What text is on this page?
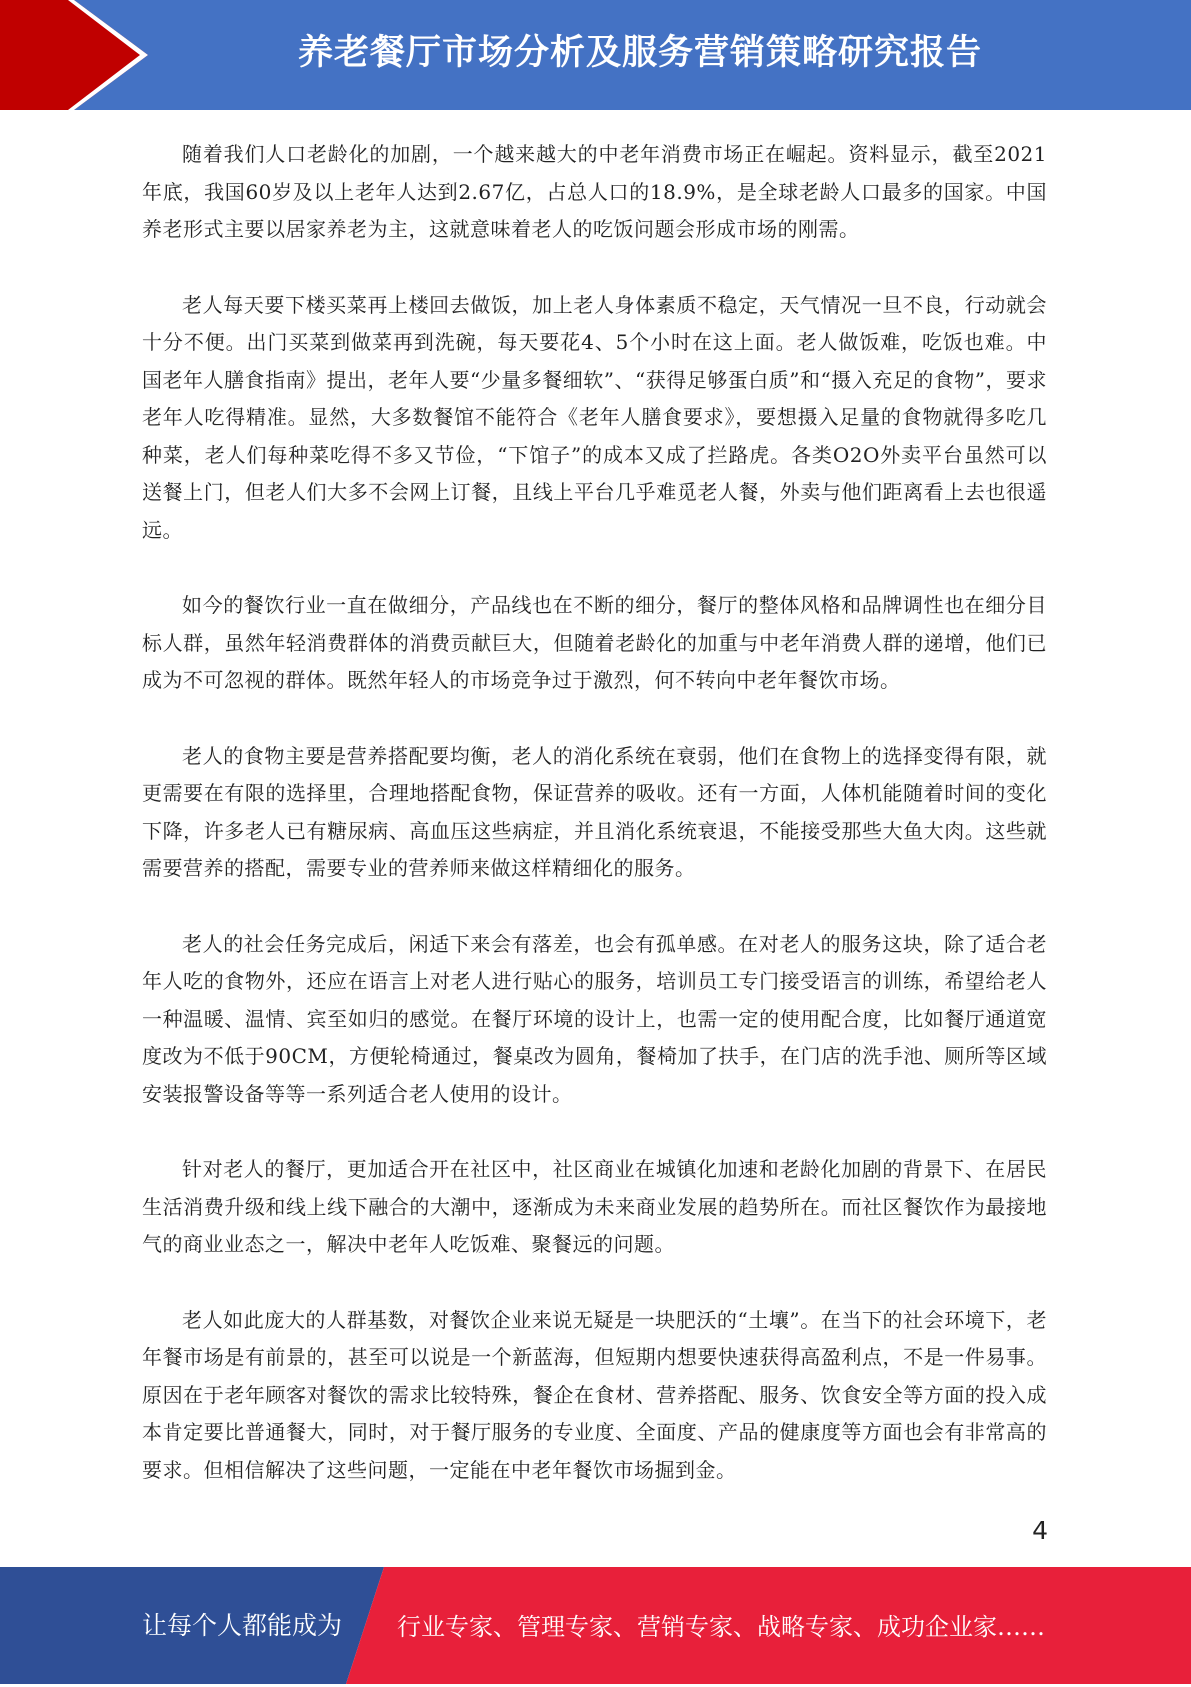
养老餐厅市场分析及服务营销策略研究报告

随着我们人口老龄化的加剧，一个越来越大的中老年消费市场正在崛起。资料显示，截至2021年底，我国60岁及以上老年人达到2.67亿，占总人口的18.9%，是全球老龄人口最多的国家。中国养老形式主要以居家养老为主，这就意味着老人的吃饭问题会形成市场的刚需。

老人每天要下楼买菜再上楼回去做饭，加上老人身体素质不稳定，天气情况一旦不良，行动就会十分不便。出门买菜到做菜再到洗碗，每天要花4、5个小时在这上面。老人做饭难，吃饭也难。中国老年人膳食指南》提出，老年人要“少量多餐细软”、“获得足够蛋白质”和“摄入充足的食物”，要求老年人吃得精准。显然，大多数餐馆不能符合《老年人膳食要求》，要想摄入足量的食物就得多吃几种菜，老人们每种菜吃得不多又节俭，“下馆子”的成本又成了拦路虎。各类O2O外卖平台虽然可以送餐上门，但老人们大多不会网上订餐，且线上平台几乎难觅老人餐，外卖与他们距离看上去也很遥远。

如今的餐饮行业一直在做细分，产品线也在不断的细分，餐厅的整体风格和品牌调性也在细分目标人群，虽然年轻消费群体的消费贡献巨大，但随着老龄化的加重与中老年消费人群的递增，他们已成为不可忽视的群体。既然年轻人的市场竞争过于激烈，何不转向中老年餐饮市场。

老人的食物主要是营养搭配要均衡，老人的消化系统在衰弱，他们在食物上的选择变得有限，就更需要在有限的选择里，合理地搭配食物，保证营养的吸收。还有一方面，人体机能随着时间的变化下降，许多老人已有糖尿病、高血压这些病症，并且消化系统衰退，不能接受那些大鱼大肉。这些就需要营养的搭配，需要专业的营养师来做这样精细化的服务。

老人的社会任务完成后，闲适下来会有落差，也会有孤单感。在对老人的服务这块，除了适合老年人吃的食物外，还应在语言上对老人进行贴心的服务，培训员工专门接受语言的训练，希望给老人一种温暖、温情、宾至如归的感觉。在餐厅环境的设计上，也需一定的使用配合度，比如餐厅通道宽度改为不低于90CM，方便轮椅通过，餐桌改为圆角，餐椅加了扶手，在门店的洗手池、厕所等区域安装报警设备等等一系列适合老人使用的设计。

针对老人的餐厅，更加适合开在社区中，社区商业在城镇化加速和老龄化加剧的背景下、在居民生活消费升级和线上线下融合的大潮中，逐渐成为未来商业发展的趋势所在。而社区餐饮作为最接地气的商业业态之一，解决中老年人吃饭难、聚餐远的问题。

老人如此庞大的人群基数，对餐饮企业来说无疑是一块肥沃的“土壤”。在当下的社会环境下，老年餐市场是有前景的，甚至可以说是一个新蓝海，但短期内想要快速获得高盈利点，不是一件易事。原因在于老年顾客对餐饮的需求比较特殊，餐企在食材、营养搭配、服务、饮食安全等方面的投入成本肯定要比普通餐大，同时，对于餐厅服务的专业度、全面度、产品的健康度等方面也会有非常高的要求。但相信解决了这些问题，一定能在中老年餐饮市场掘到金。

4
让每个人都能成为 行业专家、管理专家、营销专家、战略专家、成功企业家……
